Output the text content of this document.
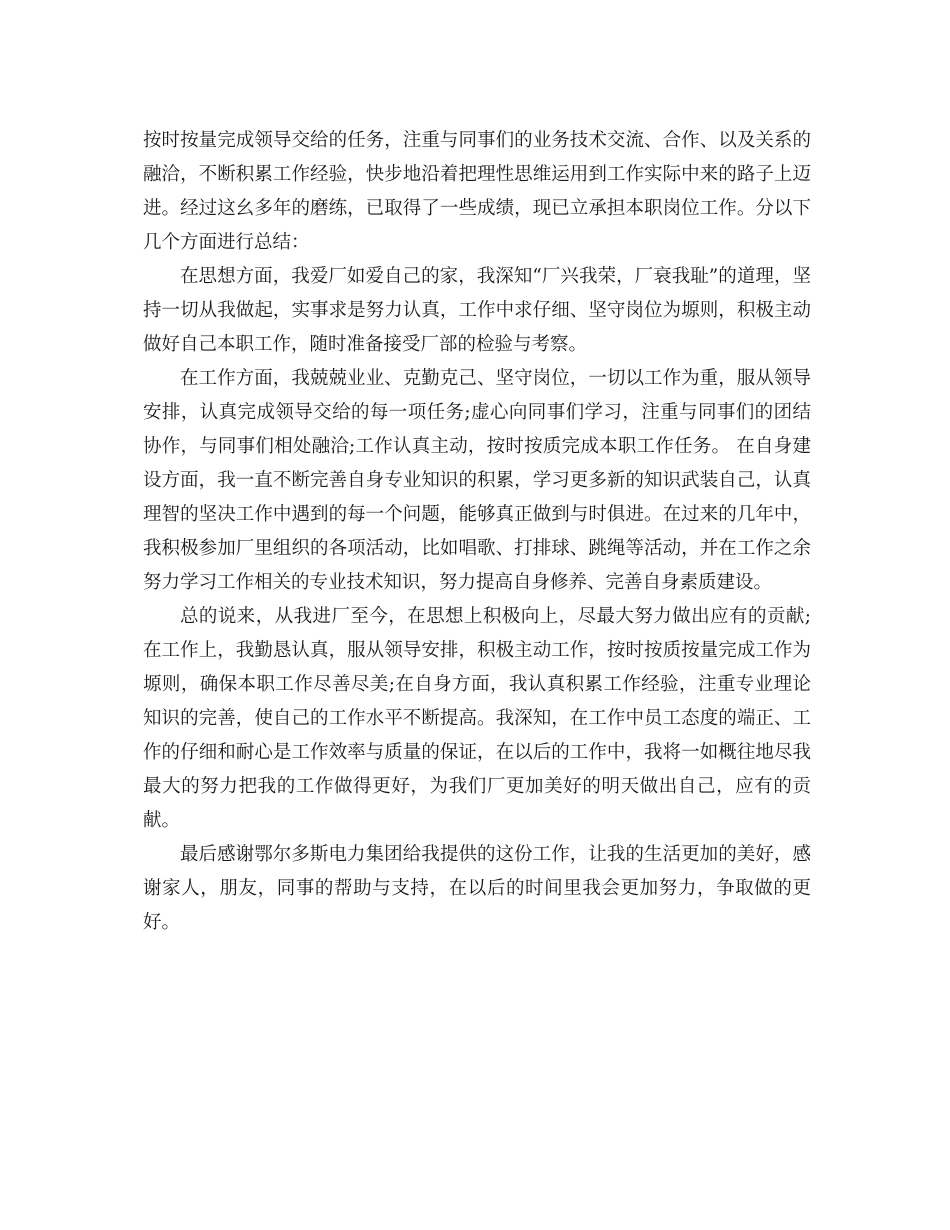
按时按量完成领导交给的任务，注重与同事们的业务技术交流、合作、以及关系的融洽，不断积累工作经验，快步地沿着把理性思维运用到工作实际中来的路子上迈进。经过这幺多年的磨练，已取得了一些成绩，现已立承担本职岗位工作。分以下几个方面进行总结：

在思想方面，我爱厂如爱自己的家，我深知“厂兴我荣，厂衰我耻”的道理，坚持一切从我做起，实事求是努力认真，工作中求仔细、坚守岗位为塬则，积极主动做好自己本职工作，随时准备接受厂部的检验与考察。

在工作方面，我兢兢业业、克勤克己、坚守岗位，一切以工作为重，服从领导安排，认真完成领导交给的每一项任务;虚心向同事们学习，注重与同事们的团结协作，与同事们相处融洽;工作认真主动，按时按质完成本职工作任务。 在自身建设方面，我一直不断完善自身专业知识的积累，学习更多新的知识武装自己，认真理智的坚决工作中遇到的每一个问题，能够真正做到与时俱进。在过来的几年中，我积极参加厂里组织的各项活动，比如唱歌、打排球、跳绳等活动，并在工作之余努力学习工作相关的专业技术知识，努力提高自身修养、完善自身素质建设。

总的说来，从我进厂至今，在思想上积极向上，尽最大努力做出应有的贡献;在工作上，我勤恳认真，服从领导安排，积极主动工作，按时按质按量完成工作为塬则，确保本职工作尽善尽美;在自身方面，我认真积累工作经验，注重专业理论知识的完善，使自己的工作水平不断提高。我深知，在工作中员工态度的端正、工作的仔细和耐心是工作效率与质量的保证，在以后的工作中，我将一如概往地尽我最大的努力把我的工作做得更好，为我们厂更加美好的明天做出自己，应有的贡献。

最后感谢鄂尔多斯电力集团给我提供的这份工作，让我的生活更加的美好，感谢家人，朋友，同事的帮助与支持，在以后的时间里我会更加努力，争取做的更好。
